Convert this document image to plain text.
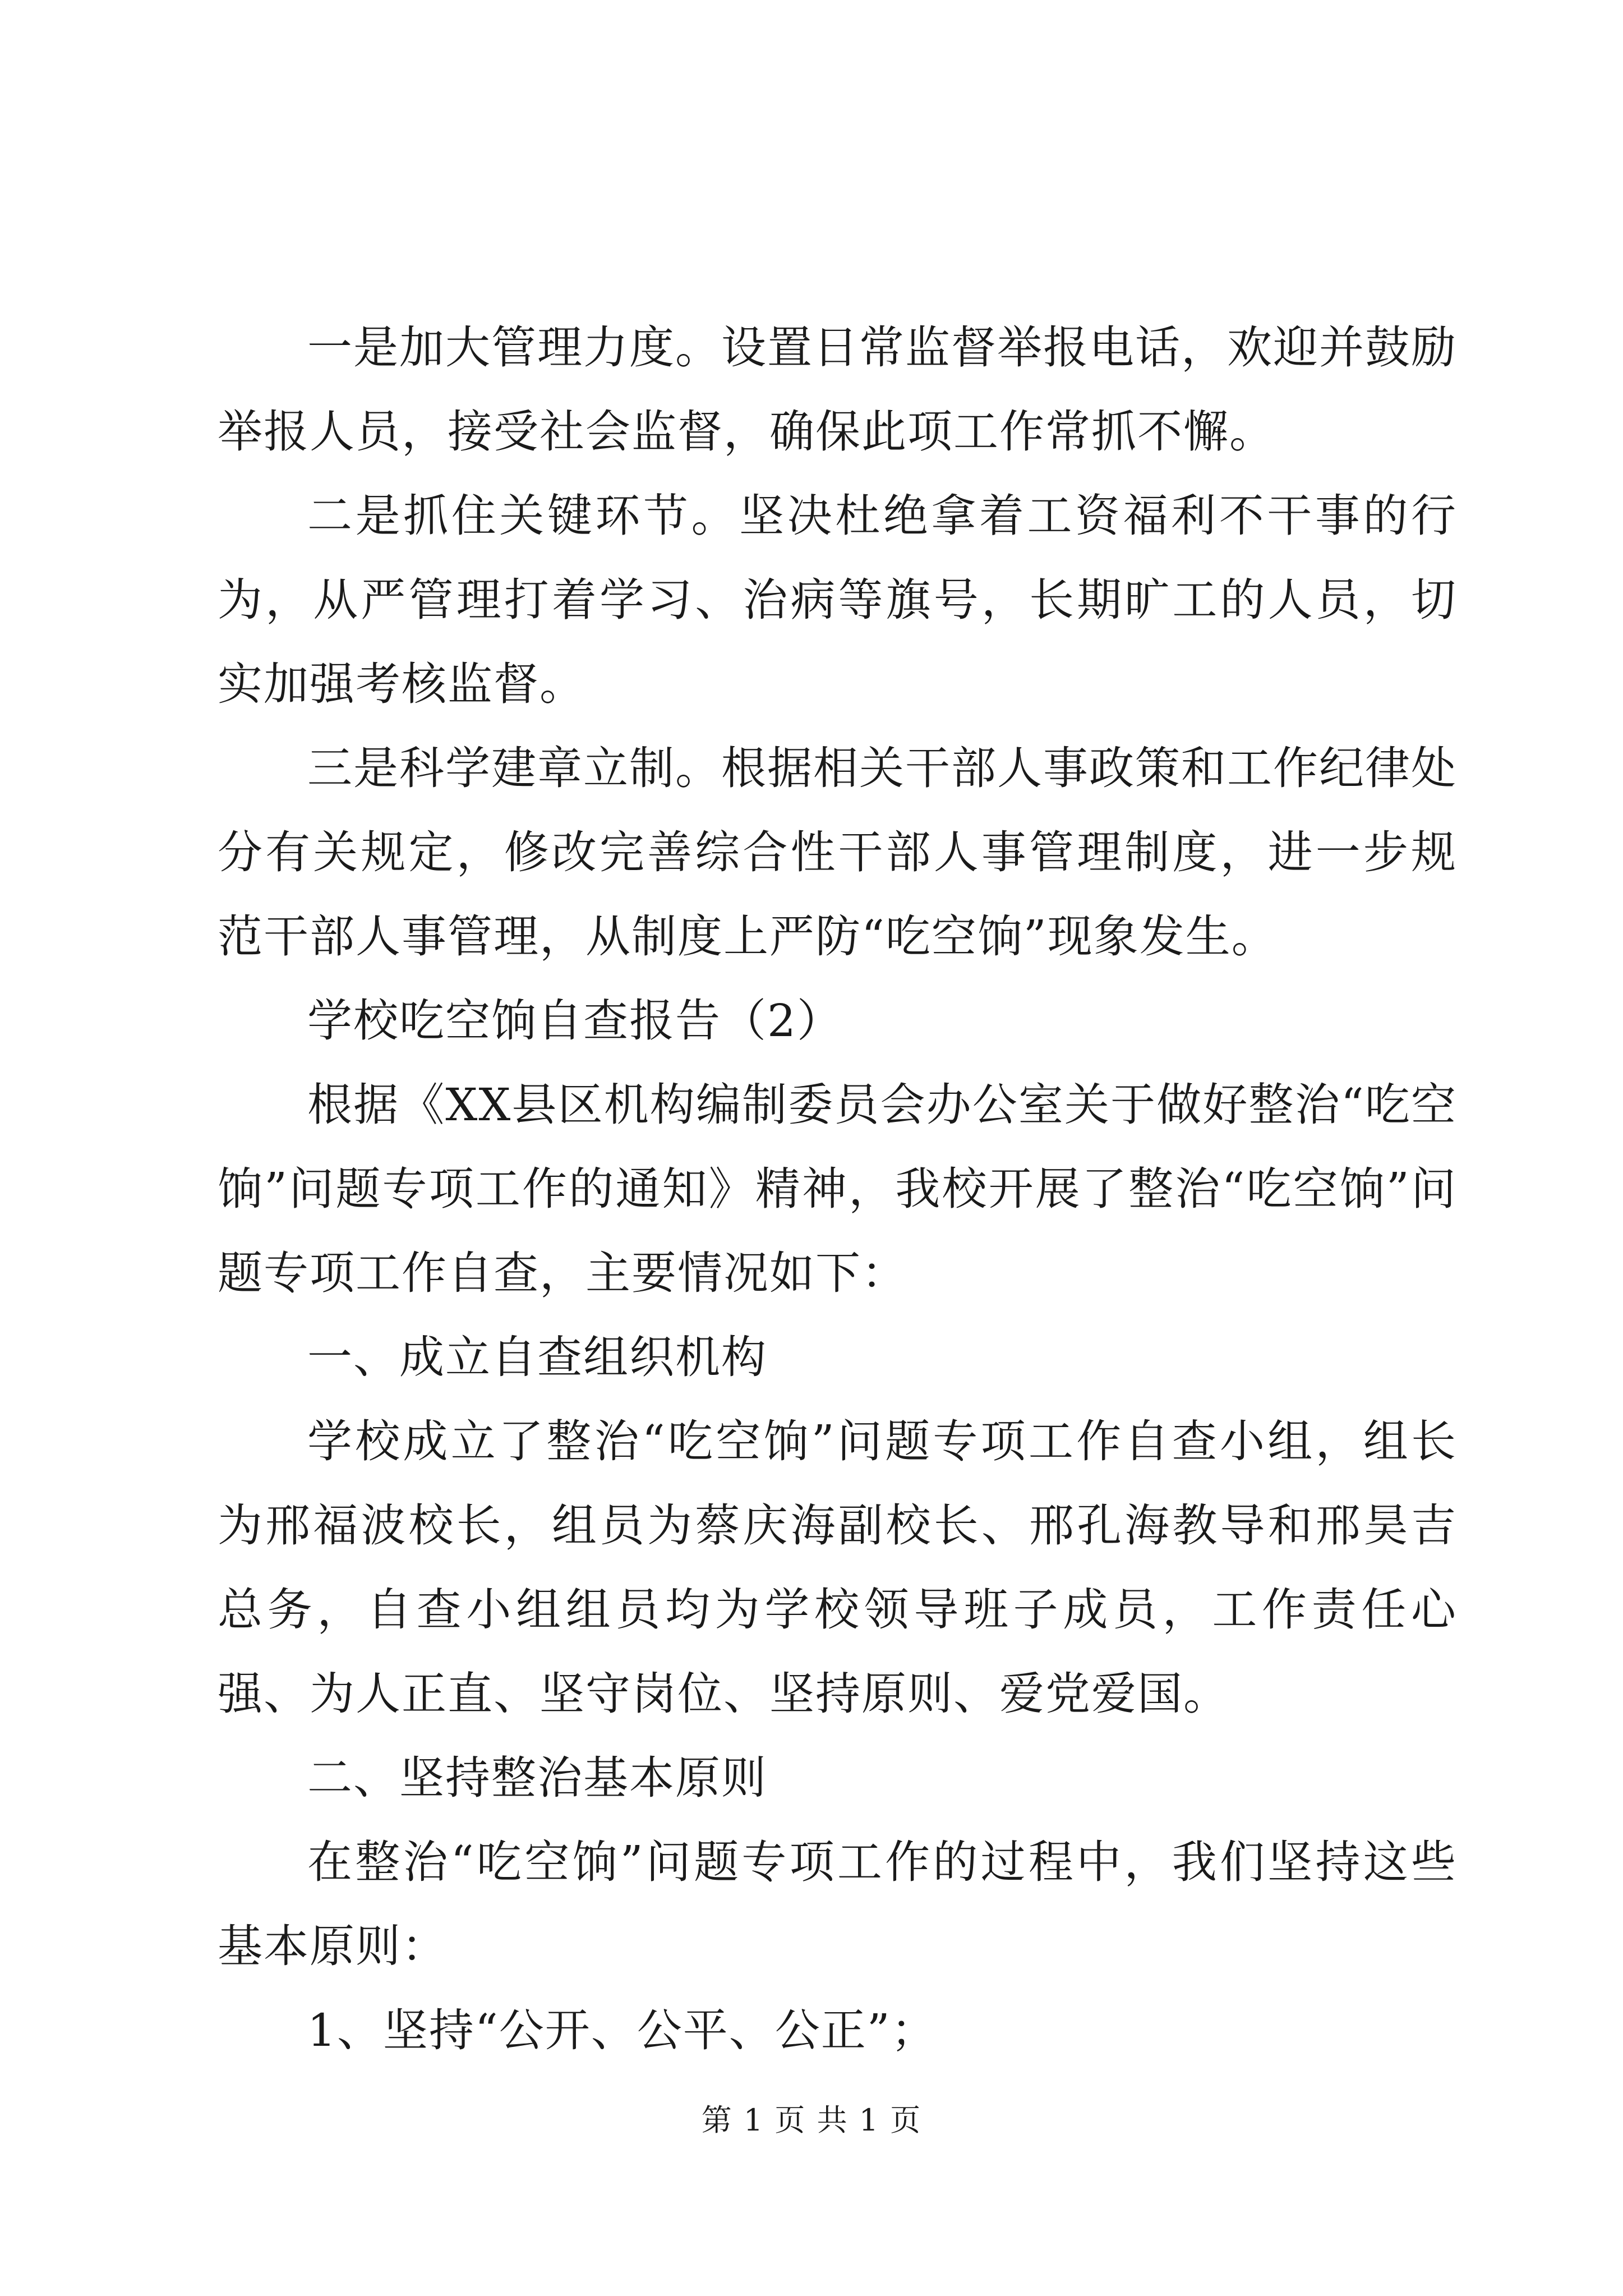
一是加大管理力度。设置日常监督举报电话，欢迎并鼓励举报人员，接受社会监督，确保此项工作常抓不懈。

二是抓住关键环节。坚决杜绝拿着工资福利不干事的行为，从严管理打着学习、治病等旗号，长期旷工的人员，切实加强考核监督。

三是科学建章立制。根据相关干部人事政策和工作纪律处分有关规定，修改完善综合性干部人事管理制度，进一步规范干部人事管理，从制度上严防“吃空饷”现象发生。

学校吃空饷自查报告（2）

根据《XX县区机构编制委员会办公室关于做好整治“吃空饷”问题专项工作的通知》精神，我校开展了整治“吃空饷”问题专项工作自查，主要情况如下：

一、成立自查组织机构

学校成立了整治“吃空饷”问题专项工作自查小组，组长为邢福波校长，组员为蔡庆海副校长、邢孔海教导和邢昊吉总务，自查小组组员均为学校领导班子成员，工作责任心强、为人正直、坚守岗位、坚持原则、爱党爱国。

二、坚持整治基本原则

在整治“吃空饷”问题专项工作的过程中，我们坚持这些基本原则：

1、坚持“公开、公平、公正”；

第 1 页 共 1 页
